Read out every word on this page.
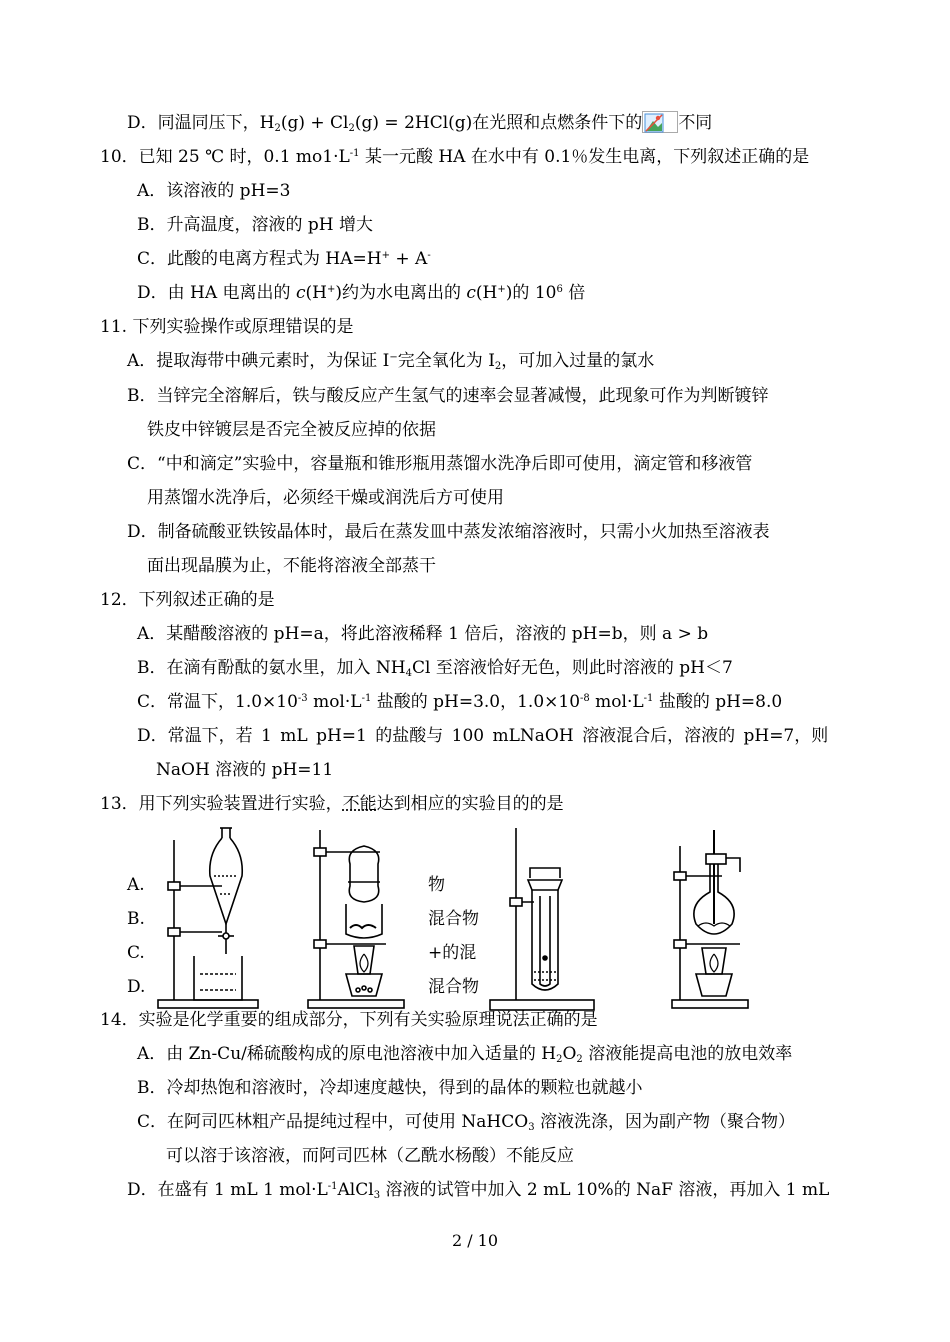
D．同温同压下，$H_2(g) + Cl_2(g) = 2HCl(g)$在光照和点燃条件下的 不同
10．已知 25 ℃ 时，0.1 $mo1\cdot L^{-1}$ 某一元酸 HA 在水中有 0.1％发生电离，下列叙述正确的是
A．该溶液的 pH=3
B．升高温度，溶液的 pH 增大
C．此酸的电离方程式为 HA=H+ + A-
D．由 HA 电离出的 c(H+)约为水电离出的 c(H+)的 $10^6$ 倍
11. 下列实验操作或原理错误的是
A．提取海带中碘元素时，为保证 I−完全氧化为 $I_2$，可加入过量的氯水
B．当锌完全溶解后，铁与酸反应产生氢气的速率会显著减慢，此现象可作为判断镀锌
铁皮中锌镀层是否完全被反应掉的依据
C．“中和滴定”实验中，容量瓶和锥形瓶用蒸馏水洗净后即可使用，滴定管和移液管
用蒸馏水洗净后，必须经干燥或润洗后方可使用
D．制备硫酸亚铁铵晶体时，最后在蒸发皿中蒸发浓缩溶液时，只需小火加热至溶液表
面出现晶膜为止，不能将溶液全部蒸干
12．下列叙述正确的是
A．某醋酸溶液的 pH=a，将此溶液稀释 1 倍后，溶液的 pH=b，则 a > b
B．在滴有酚酞的氨水里，加入 $NH_4Cl$ 至溶液恰好无色，则此时溶液的 pH＜7
C．常温下，$1.0\times 10^{-3}$ $mol\cdot L^{-1}$ 盐酸的 pH=3.0，$1.0\times 10^{-8}$ $mol\cdot L^{-1}$ 盐酸的 pH=8.0
D．常温下，若 1 mL pH=1 的盐酸与 100 mLNaOH 溶液混合后，溶液的 pH=7，则
NaOH 溶液的 pH=11
13．用下列实验装置进行实验，不能达到相应的实验目的的是
A.
B.
C.
D.
物
混合物
+的混
混合物
14．实验是化学重要的组成部分，下列有关实验原理说法正确的是
A．由 Zn-Cu/稀硫酸构成的原电池溶液中加入适量的 $H_2O_2$ 溶液能提高电池的放电效率
B．冷却热饱和溶液时，冷却速度越快，得到的晶体的颗粒也就越小
C．在阿司匹林粗产品提纯过程中，可使用 NaHCO$_3$ 溶液洗涤，因为副产物（聚合物）
可以溶于该溶液，而阿司匹林（乙酰水杨酸）不能反应
D．在盛有 1 mL 1 $mol\cdot L^{-1}AlCl_3$ 溶液的试管中加入 2 mL 10%的 NaF 溶液，再加入 1 mL
2 / 10
